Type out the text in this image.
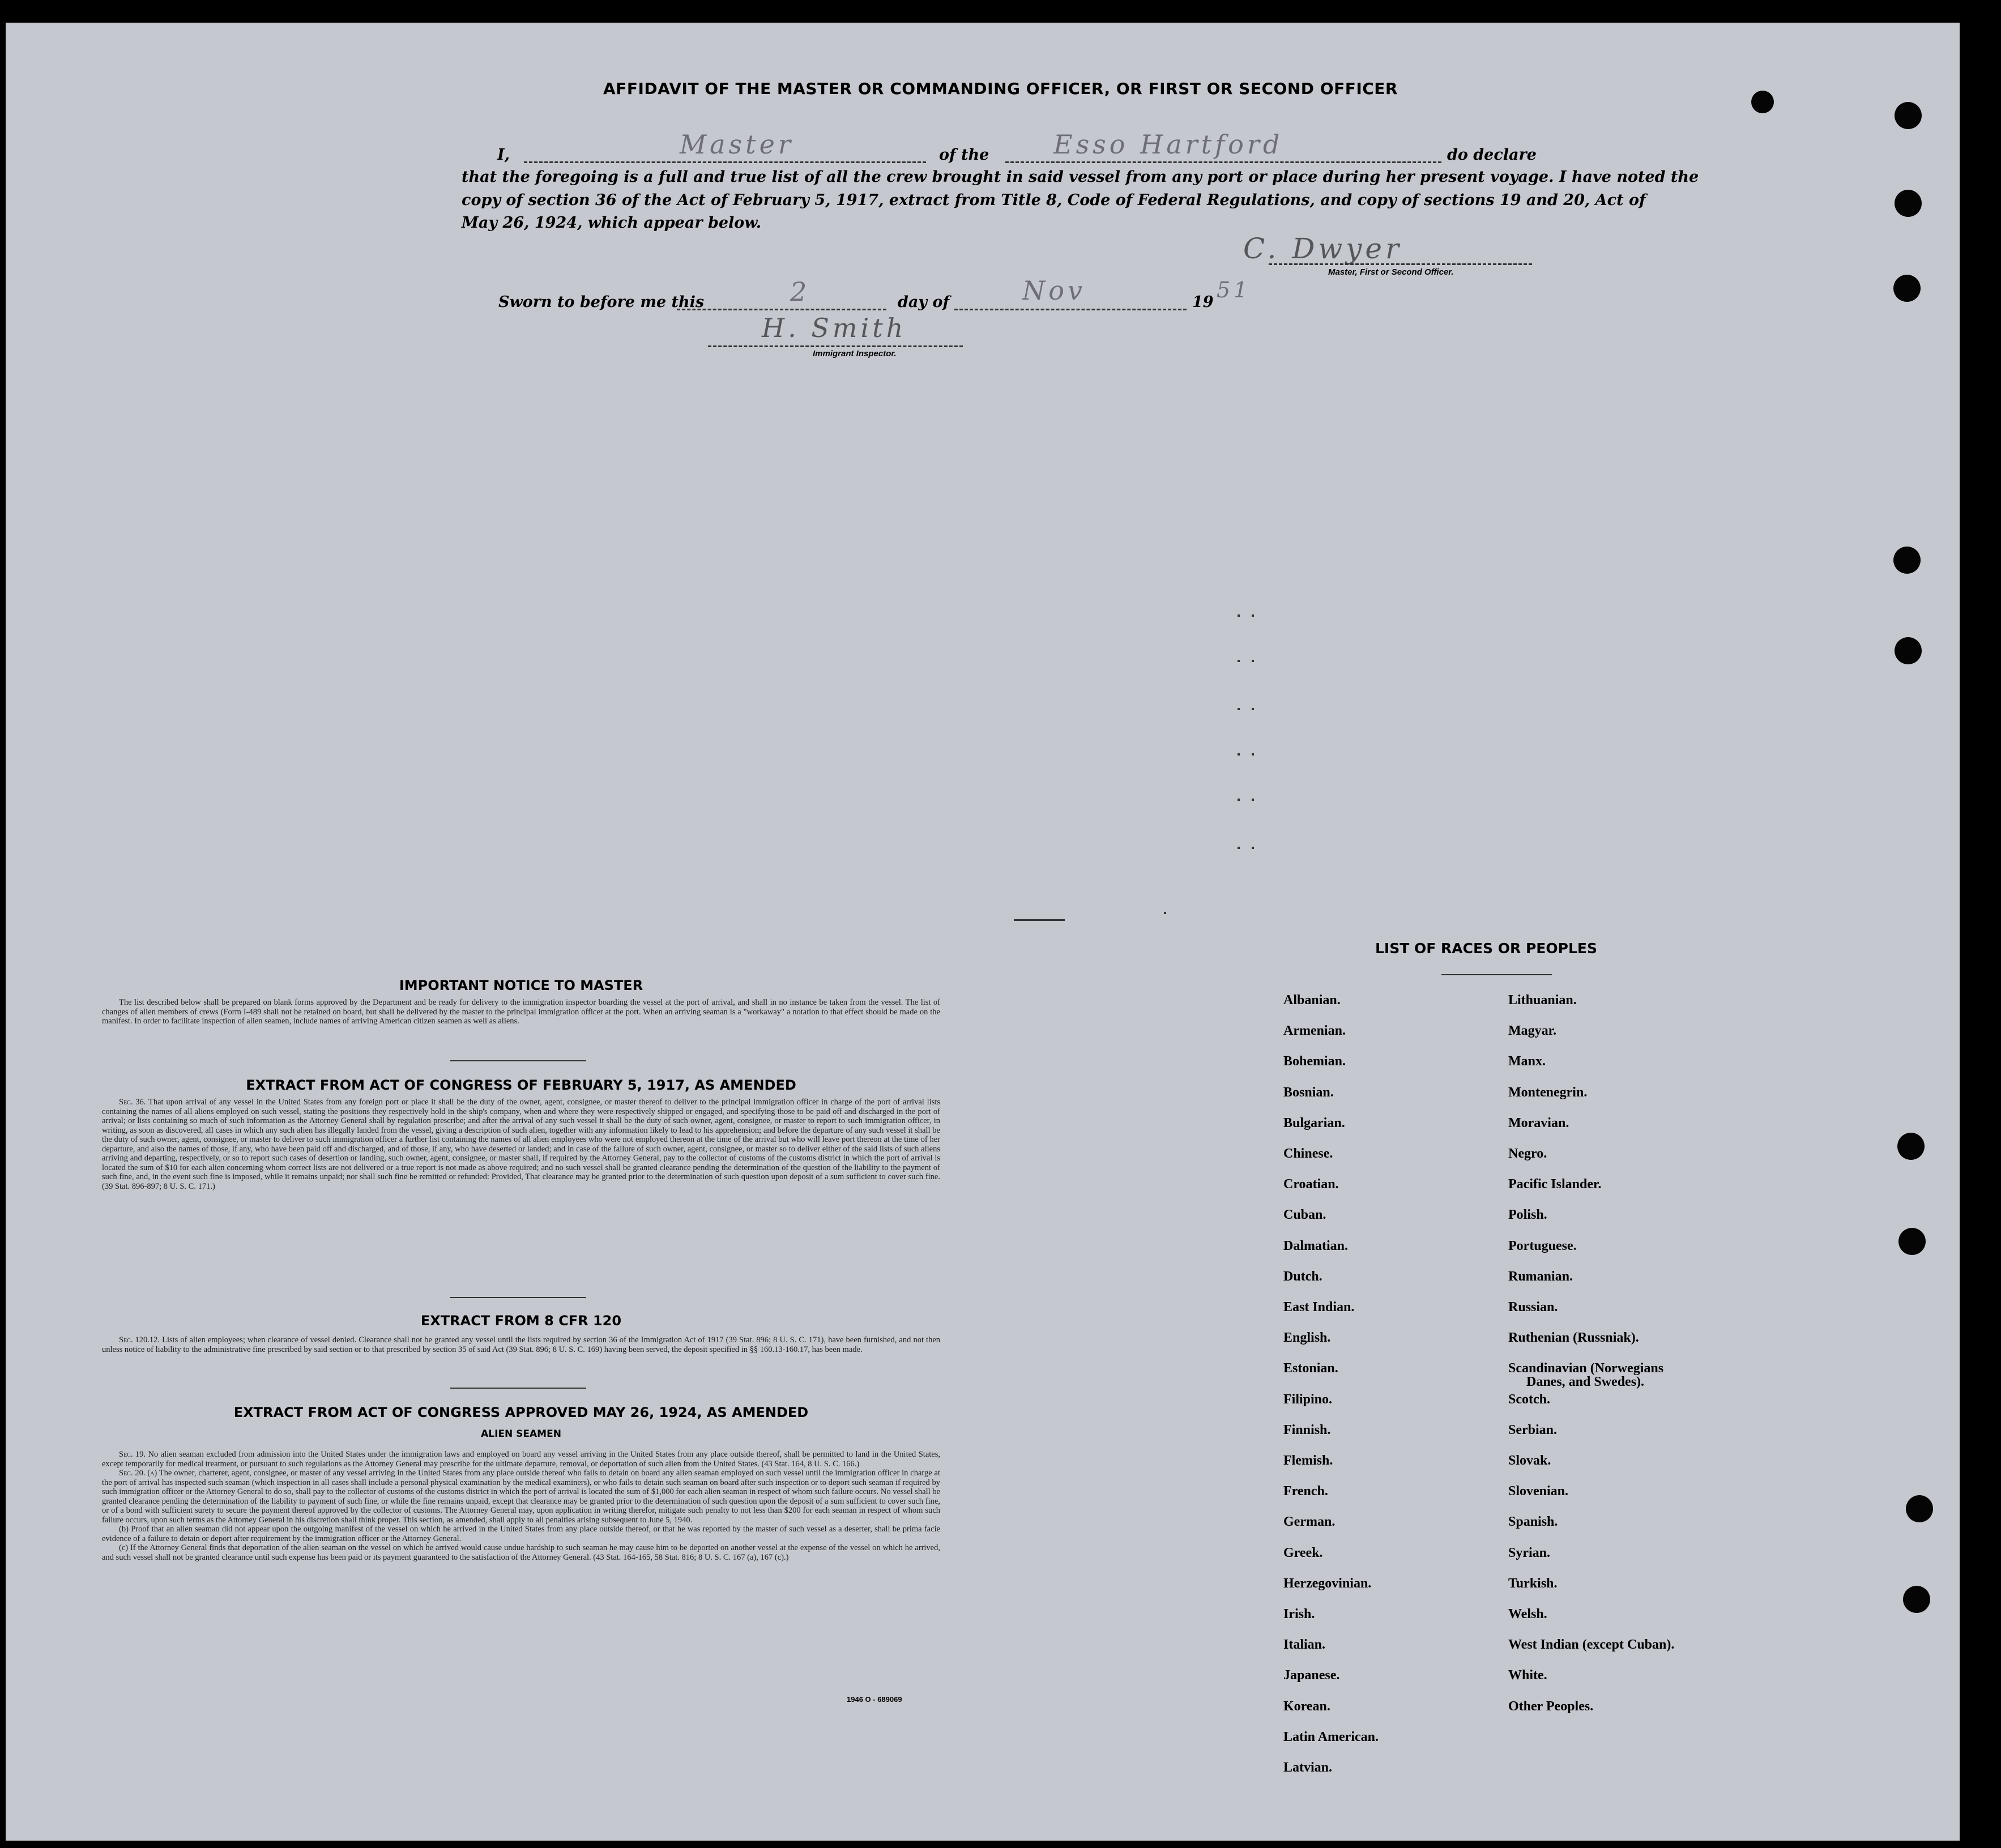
AFFIDAVIT OF THE MASTER OR COMMANDING OFFICER, OR FIRST OR SECOND OFFICER
I,	Master	of the Esso Hartford	do declare
that the foregoing is a full and true list of all the crew brought in said vessel from any port or place during her present voyage. I have noted the
copy of section 36 of the Act of February 5, 1917, extract from Title 8, Code of Federal Regulations, and copy of sections 19 and 20, Act of
May 26, 1924, which appear below.
C. Dwyer
Master, First or Second Officer.
Sworn to before me this	2	day of	Nov	19 51
H. Smith
Immigrant Inspector.
IMPORTANT NOTICE TO MASTER
The list described below shall be prepared on blank forms approved by the Department and be ready for delivery to the immigration inspector boarding the vessel at the port of arrival, and shall in no instance be taken from the vessel. The list of changes of alien members of crews (Form I-489 shall not be retained on board, but shall be delivered by the master to the principal immigration officer at the port. When an arriving seaman is a "workaway" a notation to that effect should be made on the manifest. In order to facilitate inspection of alien seamen, include names of arriving American citizen seamen as well as aliens.
EXTRACT FROM ACT OF CONGRESS OF FEBRUARY 5, 1917, AS AMENDED
Sec. 36. That upon arrival of any vessel in the United States from any foreign port or place it shall be the duty of the owner, agent, consignee, or master thereof to deliver to the principal immigration officer in charge of the port of arrival lists containing the names of all aliens employed on such vessel, stating the positions they respectively hold in the ship's company, when and where they were respectively shipped or engaged, and specifying those to be paid off and discharged in the port of arrival; or lists containing so much of such information as the Attorney General shall by regulation prescribe; and after the arrival of any such vessel it shall be the duty of such owner, agent, consignee, or master to report to such immigration officer, in writing, as soon as discovered, all cases in which any such alien has illegally landed from the vessel, giving a description of such alien, together with any information likely to lead to his apprehension; and before the departure of any such vessel it shall be the duty of such owner, agent, consignee, or master to deliver to such immigration officer a further list containing the names of all alien employees who were not employed thereon at the time of the arrival but who will leave port thereon at the time of her departure, and also the names of those, if any, who have been paid off and discharged, and of those, if any, who have deserted or landed; and in case of the failure of such owner, agent, consignee, or master so to deliver either of the said lists of such aliens arriving and departing, respectively, or so to report such cases of desertion or landing, such owner, agent, consignee, or master shall, if required by the Attorney General, pay to the collector of customs of the customs district in which the port of arrival is located the sum of $10 for each alien concerning whom correct lists are not delivered or a true report is not made as above required; and no such vessel shall be granted clearance pending the determination of the question of the liability to the payment of such fine, and, in the event such fine is imposed, while it remains unpaid; nor shall such fine be remitted or refunded: Provided, That clearance may be granted prior to the determination of such question upon deposit of a sum sufficient to cover such fine. (39 Stat. 896-897; 8 U. S. C. 171.)
EXTRACT FROM 8 CFR 120
Sec. 120.12. Lists of alien employees; when clearance of vessel denied. Clearance shall not be granted any vessel until the lists required by section 36 of the Immigration Act of 1917 (39 Stat. 896; 8 U. S. C. 171), have been furnished, and not then unless notice of liability to the administrative fine prescribed by said section or to that prescribed by section 35 of said Act (39 Stat. 896; 8 U. S. C. 169) having been served, the deposit specified in §§ 160.13-160.17, has been made.
EXTRACT FROM ACT OF CONGRESS APPROVED MAY 26, 1924, AS AMENDED
ALIEN SEAMEN
Sec. 19. No alien seaman excluded from admission into the United States under the immigration laws and employed on board any vessel arriving in the United States from any place outside thereof, shall be permitted to land in the United States, except temporarily for medical treatment, or pursuant to such regulations as the Attorney General may prescribe for the ultimate departure, removal, or deportation of such alien from the United States. (43 Stat. 164, 8 U. S. C. 166.)
Sec. 20. (a) The owner, charterer, agent, consignee, or master of any vessel arriving in the United States from any place outside thereof who fails to detain on board any alien seaman employed on such vessel until the immigration officer in charge at the port of arrival has inspected such seaman (which inspection in all cases shall include a personal physical examination by the medical examiners), or who fails to detain such seaman on board after such inspection or to deport such seaman if required by such immigration officer or the Attorney General to do so, shall pay to the collector of customs of the customs district in which the port of arrival is located the sum of $1,000 for each alien seaman in respect of whom such failure occurs. No vessel shall be granted clearance pending the determination of the liability to payment of such fine, or while the fine remains unpaid, except that clearance may be granted prior to the determination of such question upon the deposit of a sum sufficient to cover such fine, or of a bond with sufficient surety to secure the payment thereof approved by the collector of customs. The Attorney General may, upon application in writing therefor, mitigate such penalty to not less than $200 for each seaman in respect of whom such failure occurs, upon such terms as the Attorney General in his discretion shall think proper. This section, as amended, shall apply to all penalties arising subsequent to June 5, 1940.
(b) Proof that an alien seaman did not appear upon the outgoing manifest of the vessel on which he arrived in the United States from any place outside thereof, or that he was reported by the master of such vessel as a deserter, shall be prima facie evidence of a failure to detain or deport after requirement by the immigration officer or the Attorney General.
(c) If the Attorney General finds that deportation of the alien seaman on the vessel on which he arrived would cause undue hardship to such seaman he may cause him to be deported on another vessel at the expense of the vessel on which he arrived, and such vessel shall not be granted clearance until such expense has been paid or its payment guaranteed to the satisfaction of the Attorney General. (43 Stat. 164-165, 58 Stat. 816; 8 U. S. C. 167 (a), 167 (c).)
1946 O - 689069
LIST OF RACES OR PEOPLES
Albanian.
Armenian.
Bohemian.
Bosnian.
Bulgarian.
Chinese.
Croatian.
Cuban.
Dalmatian.
Dutch.
East Indian.
English.
Estonian.
Filipino.
Finnish.
Flemish.
French.
German.
Greek.
Herzegovinian.
Irish.
Italian.
Japanese.
Korean.
Latin American.
Latvian.
Lithuanian.
Magyar.
Manx.
Montenegrin.
Moravian.
Negro.
Pacific Islander.
Polish.
Portuguese.
Rumanian.
Russian.
Ruthenian (Russniak).
Scandinavian (Norwegians
Danes, and Swedes).
Scotch.
Serbian.
Slovak.
Slovenian.
Spanish.
Syrian.
Turkish.
Welsh.
West Indian (except Cuban).
White.
Other Peoples.
